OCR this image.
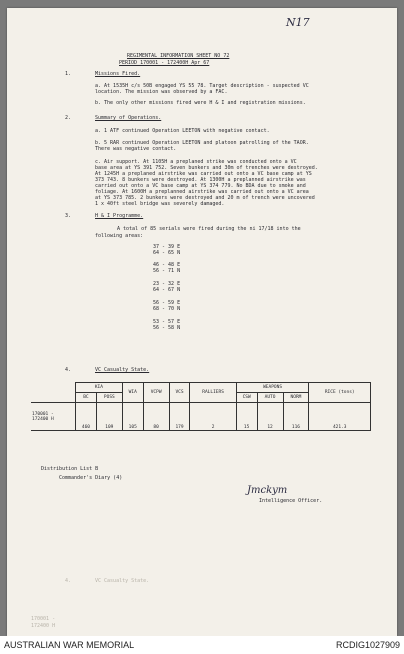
N17
REGIMENTAL INFORMATION SHEET NO 72
PERIOD 170001 - 172400H Apr 67
1.	Missions Fired.
a. At 1535H c/s 50B engaged YS 55 78. Target description - suspected VC
location. The mission was observed by a FAC.
b. The only other missions fired were H & I and registration missions.
2.	Summary of Operations.
a. 1 ATF continued Operation LEETON with negative contact.
b. 5 RAR continued Operation LEETON and platoon patrolling of the TAOR.
There was negative contact.
c. Air support. At 1105H a preplaned strike was conducted onto a VC
base area at YS 391 752. Seven bunkers and 30m of trenches were destroyed.
At 1245H a preplaned airstrike was carried out onto a VC base camp at YS
373 743. 8 bunkers were destroyed. At 1300H a preplanned airstrike was
carried out onto a VC base camp at YS 374 779. No BDA due to smoke and
foliage. At 1600H a preplanned airstrike was carried out onto a VC area
at YS 373 785. 2 bunkers were destroyed and 20 m of trench were uncovered
1 x 40ft steel bridge was severely damaged.
3.	H & I Programme.
A total of 85 serials were fired during the ni 17/18 into the
following areas:
37 - 39 E
64 - 65 N
46 - 48 E
56 - 71 N
23 - 32 E
64 - 67 N
56 - 59 E
68 - 70 N
53 - 57 E
56 - 58 N
4.	VC Casualty State.
	KIA		WIA	VCPW	VCS	RALLIERS	WEAPONS			RICE (tons)
	BC	POSS					CSW	AUTO	NORM	
170001 -
172400 H	460	109	105	80	179	2	15	12	116	421.3
Distribution List B
Commander's Diary (4)
Jmckym
Intelligence Officer.
4.	VC Casualty State.
170001 -
172400 H
AUSTRALIAN WAR MEMORIAL	RCDIG1027909
